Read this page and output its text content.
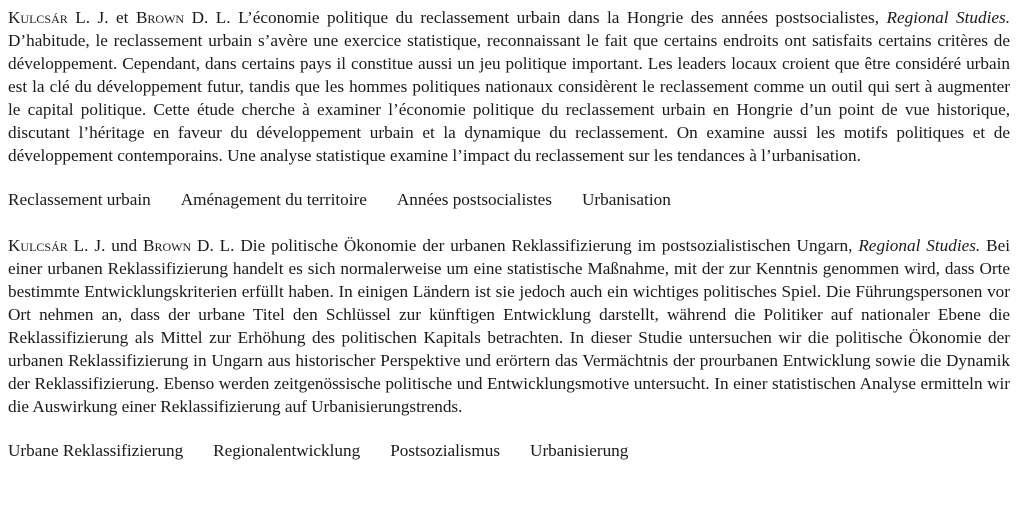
Kulcsár L. J. et Brown D. L. L’économie politique du reclassement urbain dans la Hongrie des années postsocialistes, Regional Studies. D’habitude, le reclassement urbain s’avère une exercice statistique, reconnaissant le fait que certains endroits ont satisfaits certains critères de développement. Cependant, dans certains pays il constitue aussi un jeu politique important. Les leaders locaux croient que être considéré urbain est la clé du développement futur, tandis que les hommes politiques nationaux considèrent le reclassement comme un outil qui sert à augmenter le capital politique. Cette étude cherche à examiner l’économie politique du reclassement urbain en Hongrie d’un point de vue historique, discutant l’héritage en faveur du développement urbain et la dynamique du reclassement. On examine aussi les motifs politiques et de développement contemporains. Une analyse statistique examine l’impact du reclassement sur les tendances à l’urbanisation.

Reclassement urbain Aménagement du territoire Années postsocialistes Urbanisation

Kulcsár L. J. und Brown D. L. Die politische Ökonomie der urbanen Reklassifizierung im postsozialistischen Ungarn, Regional Studies. Bei einer urbanen Reklassifizierung handelt es sich normalerweise um eine statistische Maßnahme, mit der zur Kenntnis genommen wird, dass Orte bestimmte Entwicklungskriterien erfüllt haben. In einigen Ländern ist sie jedoch auch ein wichtiges politisches Spiel. Die Führungspersonen vor Ort nehmen an, dass der urbane Titel den Schlüssel zur künftigen Entwicklung darstellt, während die Politiker auf nationaler Ebene die Reklassifizierung als Mittel zur Erhöhung des politischen Kapitals betrachten. In dieser Studie untersuchen wir die politische Ökonomie der urbanen Reklassifizierung in Ungarn aus historischer Perspektive und erörtern das Vermächtnis der prourbanen Entwicklung sowie die Dynamik der Reklassifizierung. Ebenso werden zeitgenössische politische und Entwicklungsmotive untersucht. In einer statistischen Analyse ermitteln wir die Auswirkung einer Reklassifizierung auf Urbanisierungstrends.

Urbane Reklassifizierung Regionalentwicklung Postsozialismus Urbanisierung
